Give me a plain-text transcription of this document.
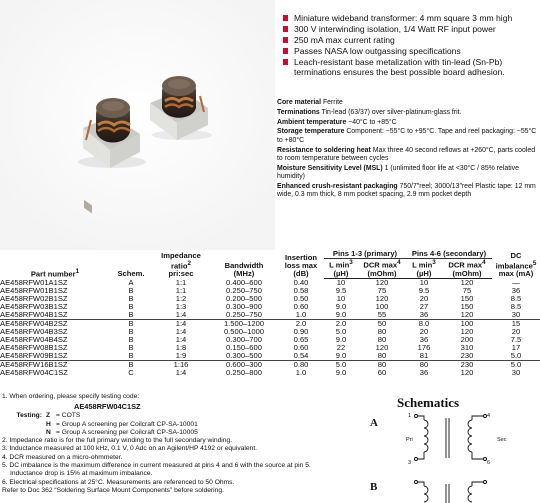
Miniature wideband transformer: 4 mm square 3 mm high
300 V interwinding isolation, 1/4 Watt RF input power
250 mA max current rating
Passes NASA low outgassing specifications
Leach-resistant base metalization with tin-lead (Sn-Pb) terminations ensures the best possible board adhesion.
Core material Ferrite
Terminations Tin-lead (63/37) over silver-platinum-glass frit.
Ambient temperature −40°C to +85°C
Storage temperature Component: −55°C to +95°C. Tape and reel packaging: −55°C to +80°C
Resistance to soldering heat Max three 40 second reflows at +260°C, parts cooled to room temperature between cycles
Moisture Sensitivity Level (MSL) 1 (unlimited floor life at <30°C / 85% relative humidity)
Enhanced crush-resistant packaging 750/7″reel; 3000/13″reel Plastic tape: 12 mm wide, 0.3 mm thick, 8 mm pocket spacing, 2.9 mm pocket depth
Part number$^1$	Schem.	Impedance
ratio$^2$
pri:sec	Bandwidth
(MHz)	Insertion
loss max
(dB)	Pins 1-3 (primary)		Pins 4-6 (secondary)		DC
imbalance$^5$
max (mA)
					L $\min^3$
(µH)	DCR $\max^4$
(mOhm)	L $\min^3$
(µH)	DCR $\max^4$
(mOhm)	
AE458RFW01A1SZ	A	1:1	0.400–600	0.40	10	120	10	120	—
AE458RFW01B1SZ	B	1:1	0.250–750	0.58	9.5	75	9.5	75	36
AE458RFW02B1SZ	B	1:2	0.200–500	0.50	10	120	20	150	8.5
AE458RFW03B1SZ	B	1:3	0.300–900	0.60	9.0	100	27	150	8.5
AE458RFW04B1SZ	B	1:4	0.250–750	1.0	9.0	55	36	120	30
AE458RFW04B2SZ	B	1:4	1.500–1200	2.0	2.0	50	8.0	100	15
AE458RFW04B3SZ	B	1:4	0.500–1000	0.90	5.0	80	20	120	20
AE458RFW04B4SZ	B	1:4	0.300–700	0.65	9.0	80	36	200	7.5
AE458RFW08B1SZ	B	1:8	0.150–600	0.60	22	120	176	310	17
AE458RFW09B1SZ	B	1:9	0.300–500	0.54	9.0	80	81	230	5.0
AE458RFW16B1SZ	B	1:16	0.600–300	0.80	5.0	80	80	230	5.0
AE458RFW04C1SZ	C	1:4	0.250–800	1.0	9.0	60	36	120	30
1. When ordering, please specify testing code:
AE458RFW04C1SZ
Testing: Z = COTS
H = Group A screening per Coilcraft CP-SA-10001
N = Group A screening per Coilcraft CP-SA-10005
2. Impedance ratio is for the full primary winding to the full secondary winding.
3. Inductance measured at 100 kHz, 0.1 V, 0 Adc on an Agilent/HP 4192 or equivalent.
4. DCR measured on a micro-ohmmeter.
5. DC imbalance is the maximum difference in current measured at pins 4 and 6 with the source at pin 5.
Inductance drop is 15% at maximum imbalance.
6. Electrical specifications at 25°C. Measurements are referenced to 50 Ohms.
Refer to Doc 362 “Soldering Surface Mount Components” before soldering.
Schematics
A
B
1
3
4
6
Pri	Sec
